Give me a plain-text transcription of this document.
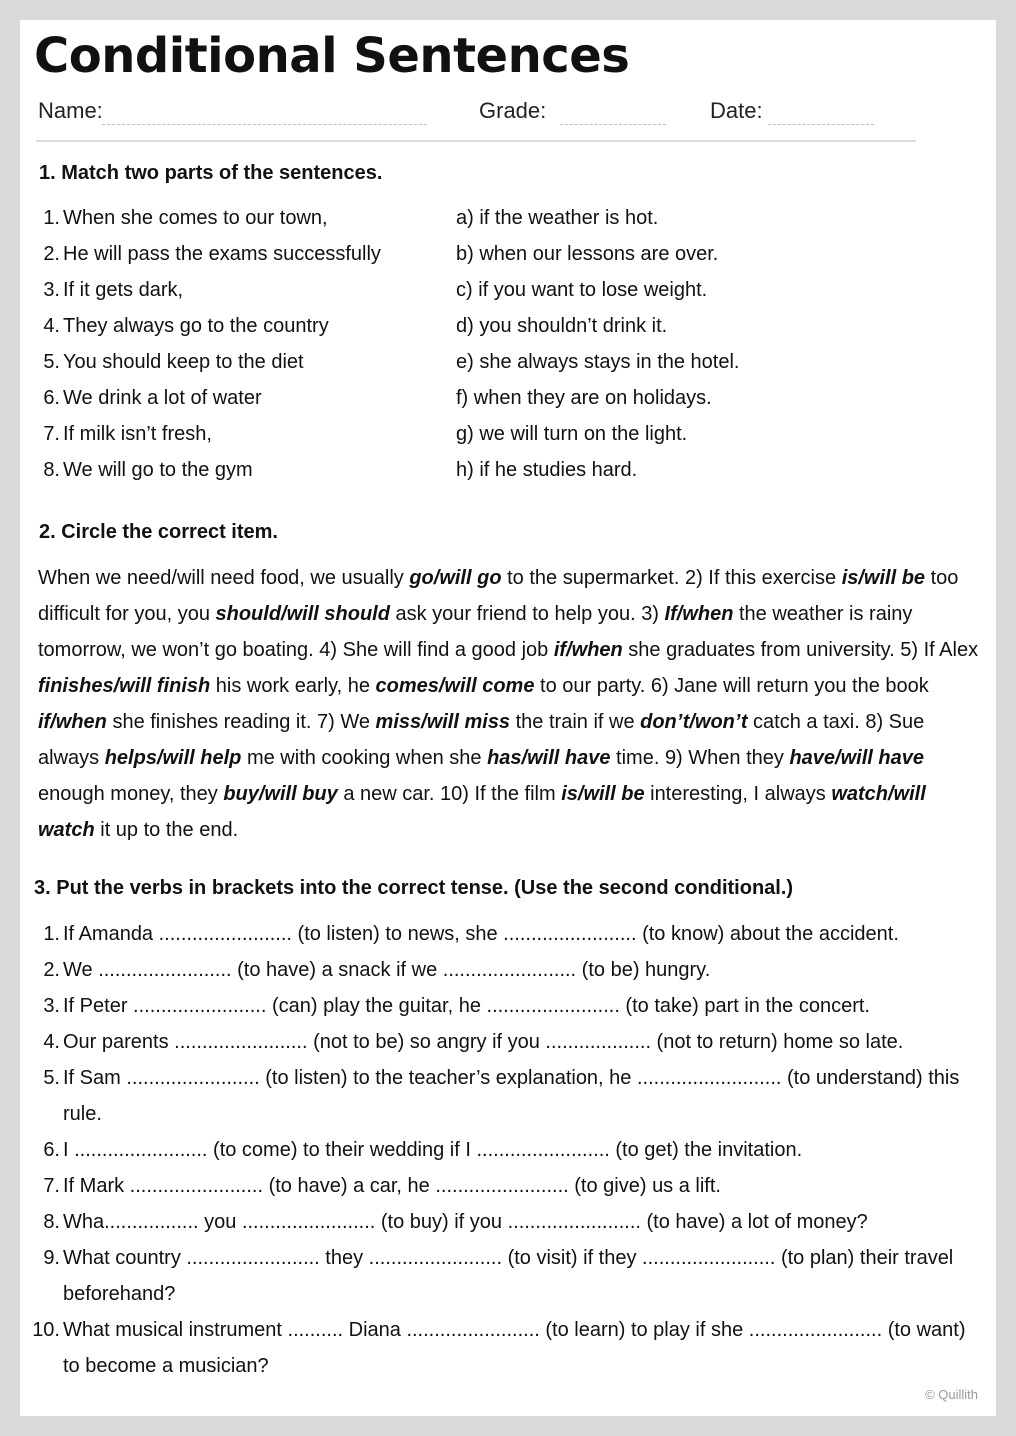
Conditional Sentences
Name:	Grade:	Date:
1. Match two parts of the sentences.
1. When she comes to our town,	a) if the weather is hot.
2. He will pass the exams successfully	b) when our lessons are over.
3. If it gets dark,	c) if you want to lose weight.
4. They always go to the country	d) you shouldn’t drink it.
5. You should keep to the diet	e) she always stays in the hotel.
6. We drink a lot of water	f) when they are on holidays.
7. If milk isn’t fresh,	g) we will turn on the light.
8. We will go to the gym	h) if he studies hard.
2. Circle the correct item.

When we need/will need food, we usually go/will go to the supermarket. 2) If this exercise is/will be too difficult for you, you should/will should ask your friend to help you. 3) If/when the weather is rainy tomorrow, we won’t go boating. 4) She will find a good job if/when she graduates from university. 5) If Alex finishes/will finish his work early, he comes/will come to our party. 6) Jane will return you the book if/when she finishes reading it. 7) We miss/will miss the train if we don’t/won’t catch a taxi. 8) Sue always helps/will help me with cooking when she has/will have time. 9) When they have/will have enough money, they buy/will buy a new car. 10) If the film is/will be interesting, I always watch/will watch it up to the end.

3. Put the verbs in brackets into the correct tense. (Use the second conditional.)
1. If Amanda ........................ (to listen) to news, she ........................ (to know) about the accident.
2. We ........................ (to have) a snack if we ........................ (to be) hungry.
3. If Peter ........................ (can) play the guitar, he ........................ (to take) part in the concert.
4. Our parents ........................ (not to be) so angry if you ................... (not to return) home so late.
5. If Sam ........................ (to listen) to the teacher’s explanation, he .......................... (to understand) this rule.
6. I ........................ (to come) to their wedding if I ........................ (to get) the invitation.
7. If Mark ........................ (to have) a car, he ........................ (to give) us a lift.
8. Wha................. you ........................ (to buy) if you ........................ (to have) a lot of money?
9. What country ........................ they ........................ (to visit) if they ........................ (to plan) their travel beforehand?
10. What musical instrument .......... Diana ........................ (to learn) to play if she ........................ (to want) to become a musician?
© Quillith
